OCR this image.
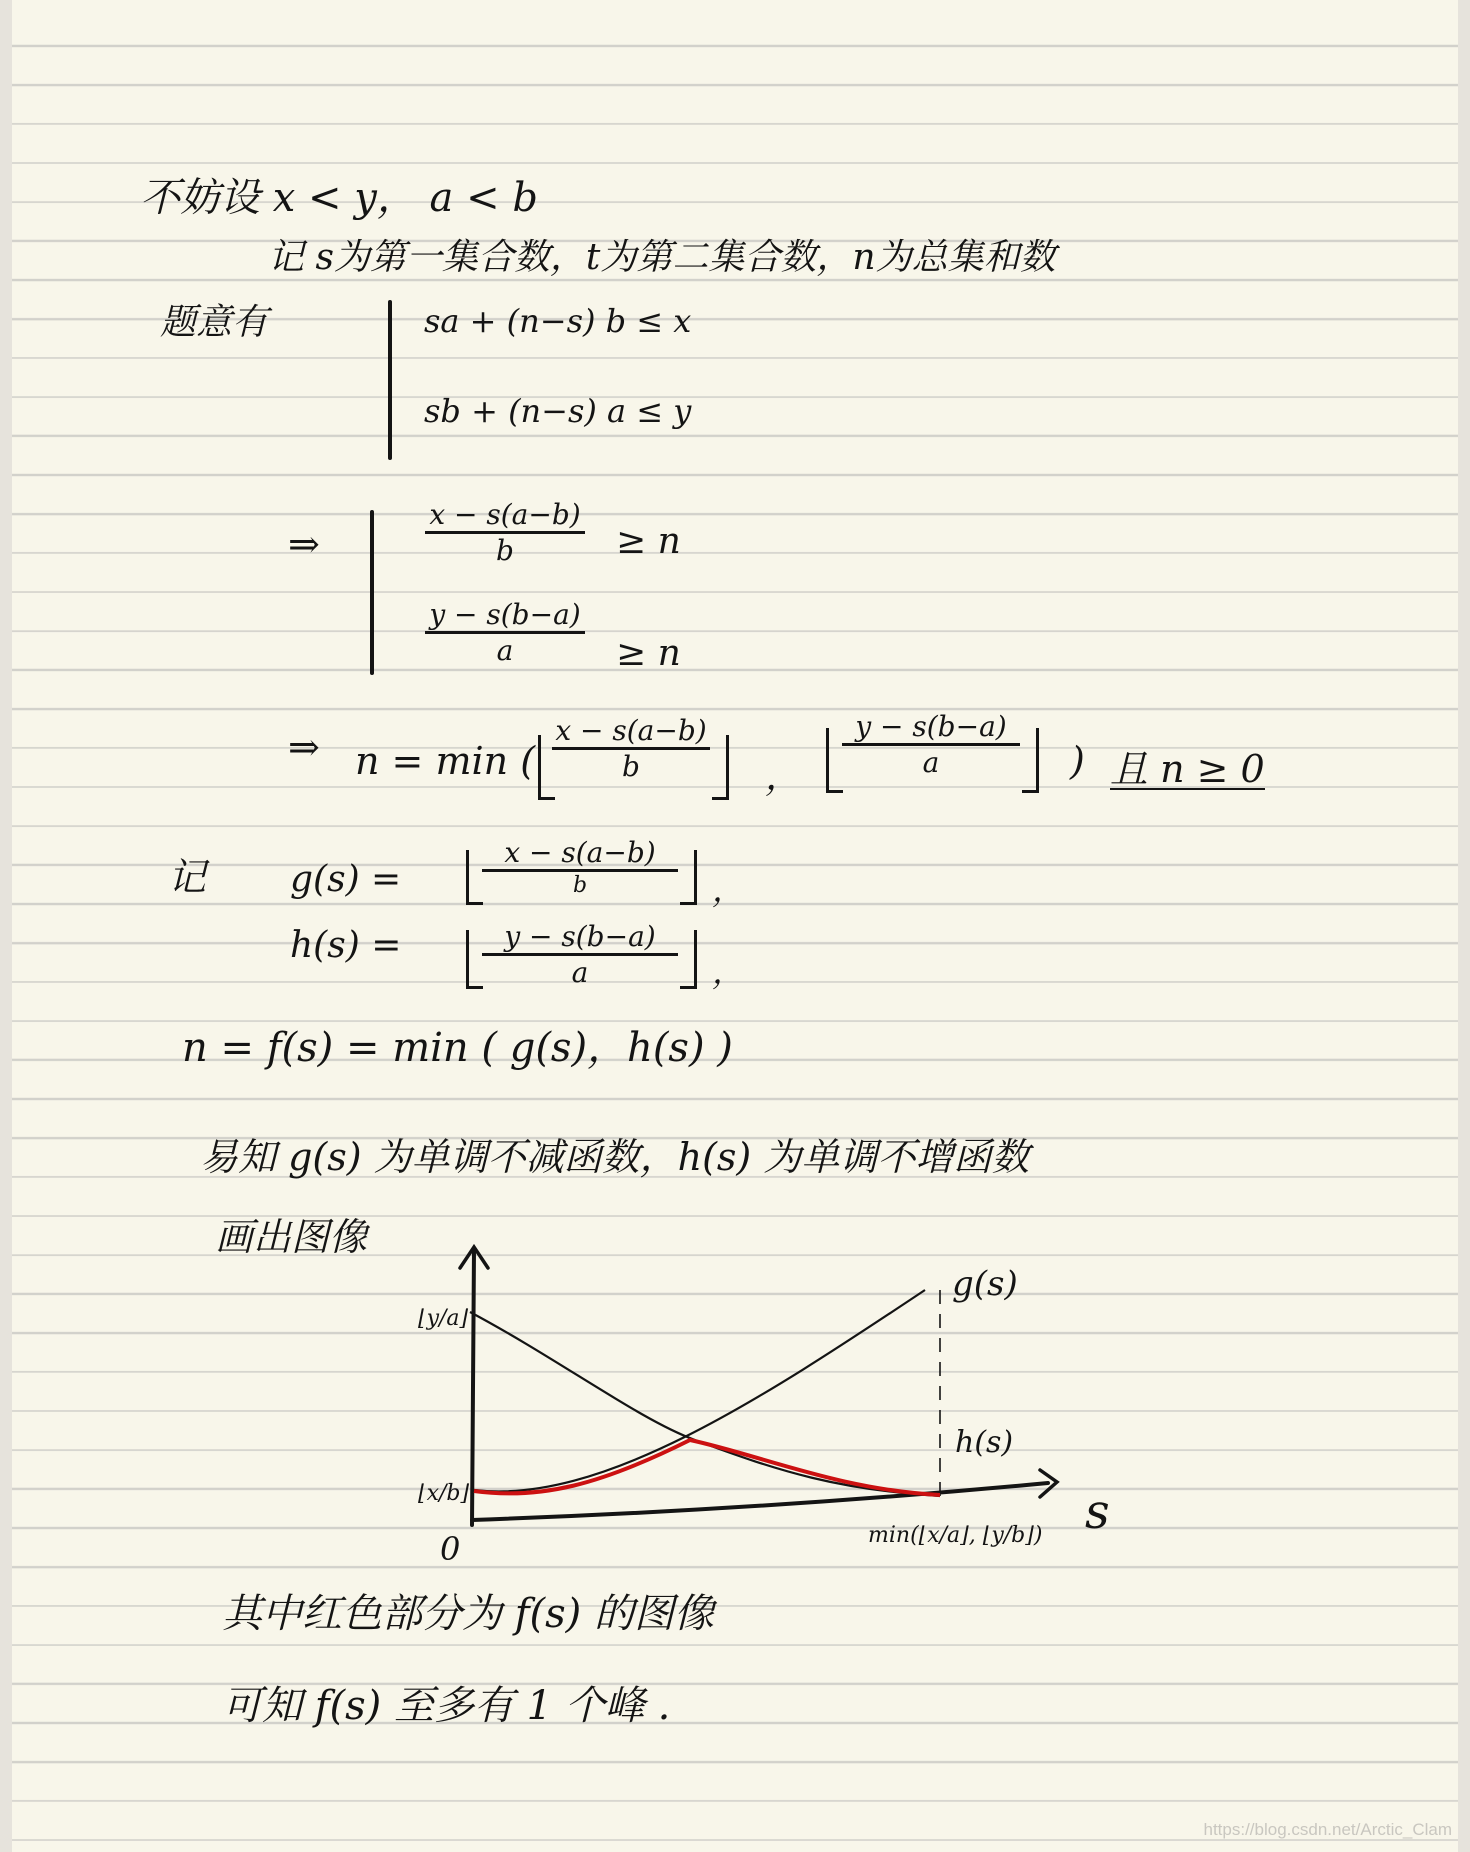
不妨设 x < y， a < b
记 s为第一集合数，t为第二集合数，n为总集和数
题意有	sa + (n−s) b ≤ x
sb + (n−s) a ≤ y
⇒
x − s(a−b)
b	≥ n
y − s(b−a)
a	≥ n
⇒ n = min (
x − s(a−b)
b	，
y − s(b−a)
a	) 且 n ≥ 0
记 g(s) =
x − s(a−b)
b	，
h(s) =	y − s(b−a)
a	，
n = f(s) = min ( g(s)，h(s) )
易知 g(s) 为单调不减函数，h(s) 为单调不增函数
画出图像
⌊y/a⌋
⌊x/b⌋
0
s
min(⌊x/a⌋, ⌊y/b⌋)
g(s)
h(s)
其中红色部分为 f(s) 的图像
可知 f(s) 至多有 1 个峰 .
https://blog.csdn.net/Arctic_Clam
